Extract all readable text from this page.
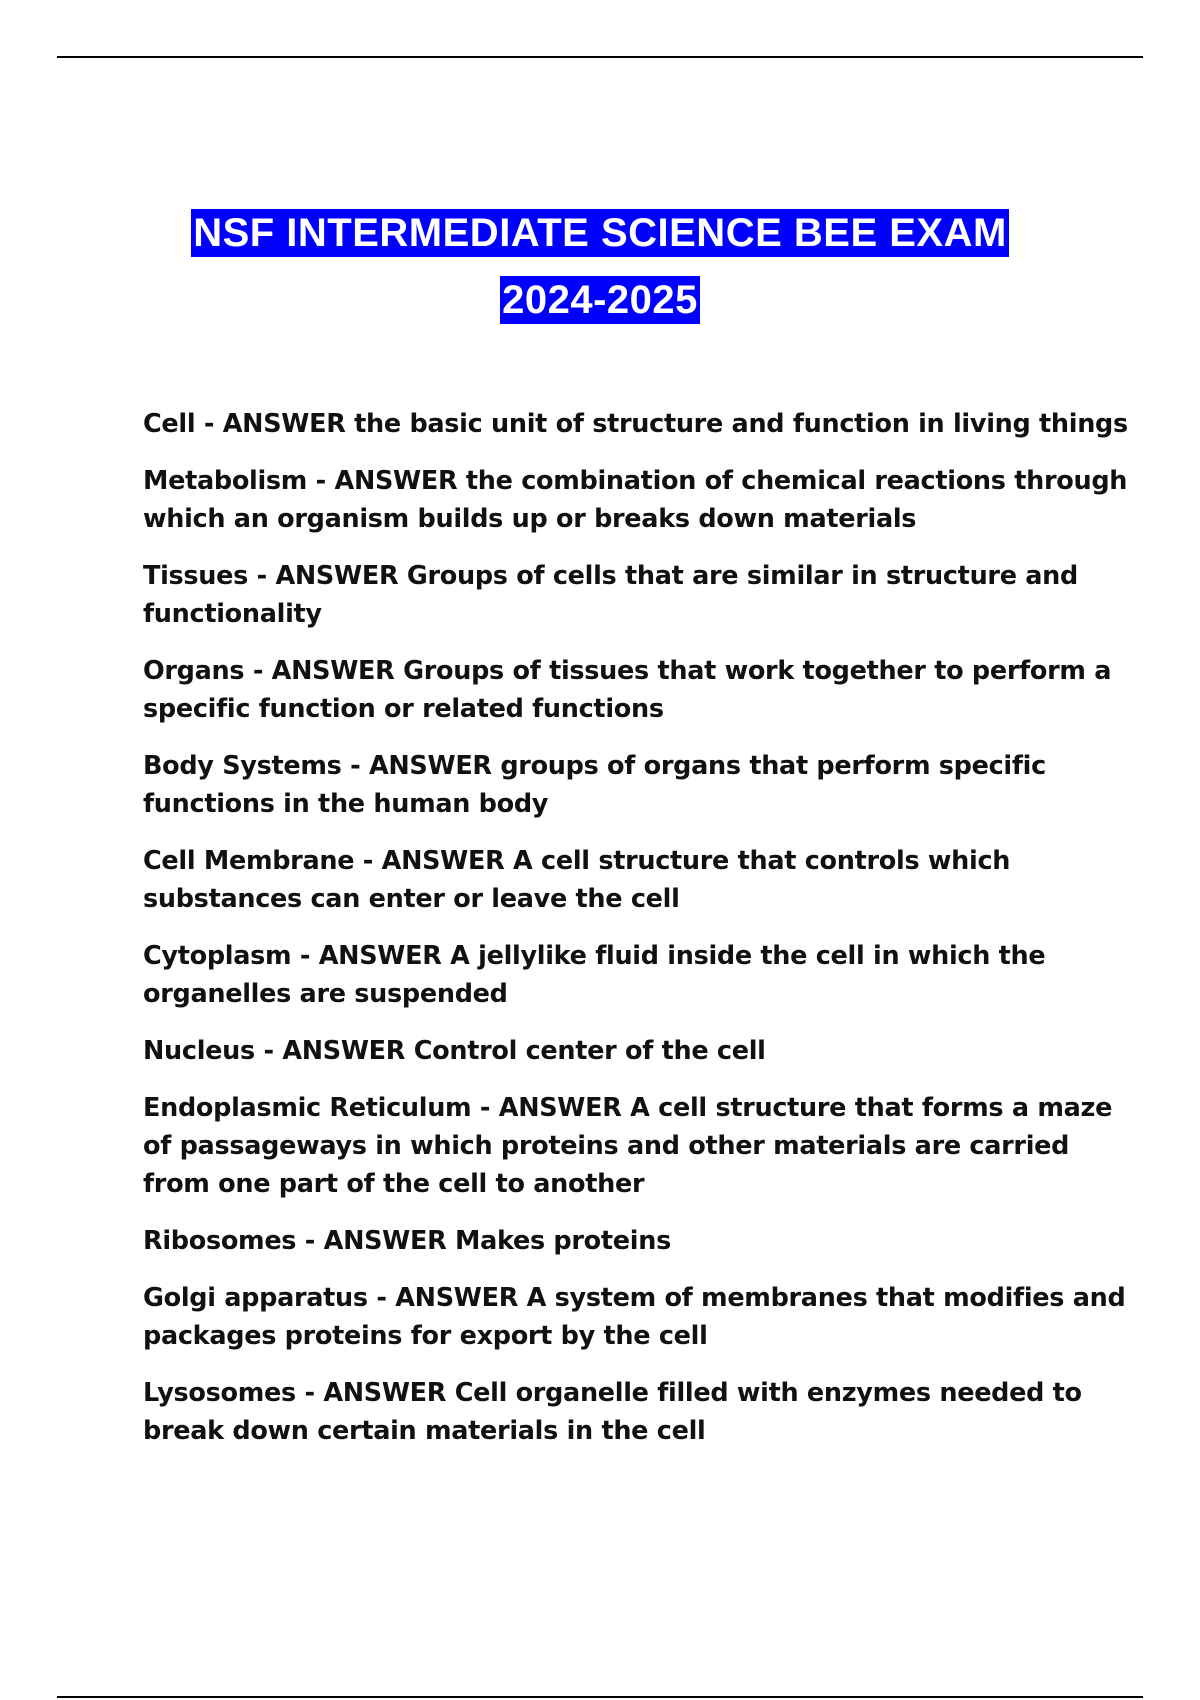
NSF INTERMEDIATE SCIENCE BEE EXAM
2024-2025
Cell - ANSWER the basic unit of structure and function in living things
Metabolism - ANSWER the combination of chemical reactions through which an organism builds up or breaks down materials
Tissues - ANSWER Groups of cells that are similar in structure and functionality
Organs - ANSWER Groups of tissues that work together to perform a specific function or related functions
Body Systems - ANSWER groups of organs that perform specific functions in the human body
Cell Membrane - ANSWER A cell structure that controls which substances can enter or leave the cell
Cytoplasm - ANSWER A jellylike fluid inside the cell in which the organelles are suspended
Nucleus - ANSWER Control center of the cell
Endoplasmic Reticulum - ANSWER A cell structure that forms a maze of passageways in which proteins and other materials are carried from one part of the cell to another
Ribosomes - ANSWER Makes proteins
Golgi apparatus - ANSWER A system of membranes that modifies and packages proteins for export by the cell
Lysosomes - ANSWER Cell organelle filled with enzymes needed to break down certain materials in the cell
